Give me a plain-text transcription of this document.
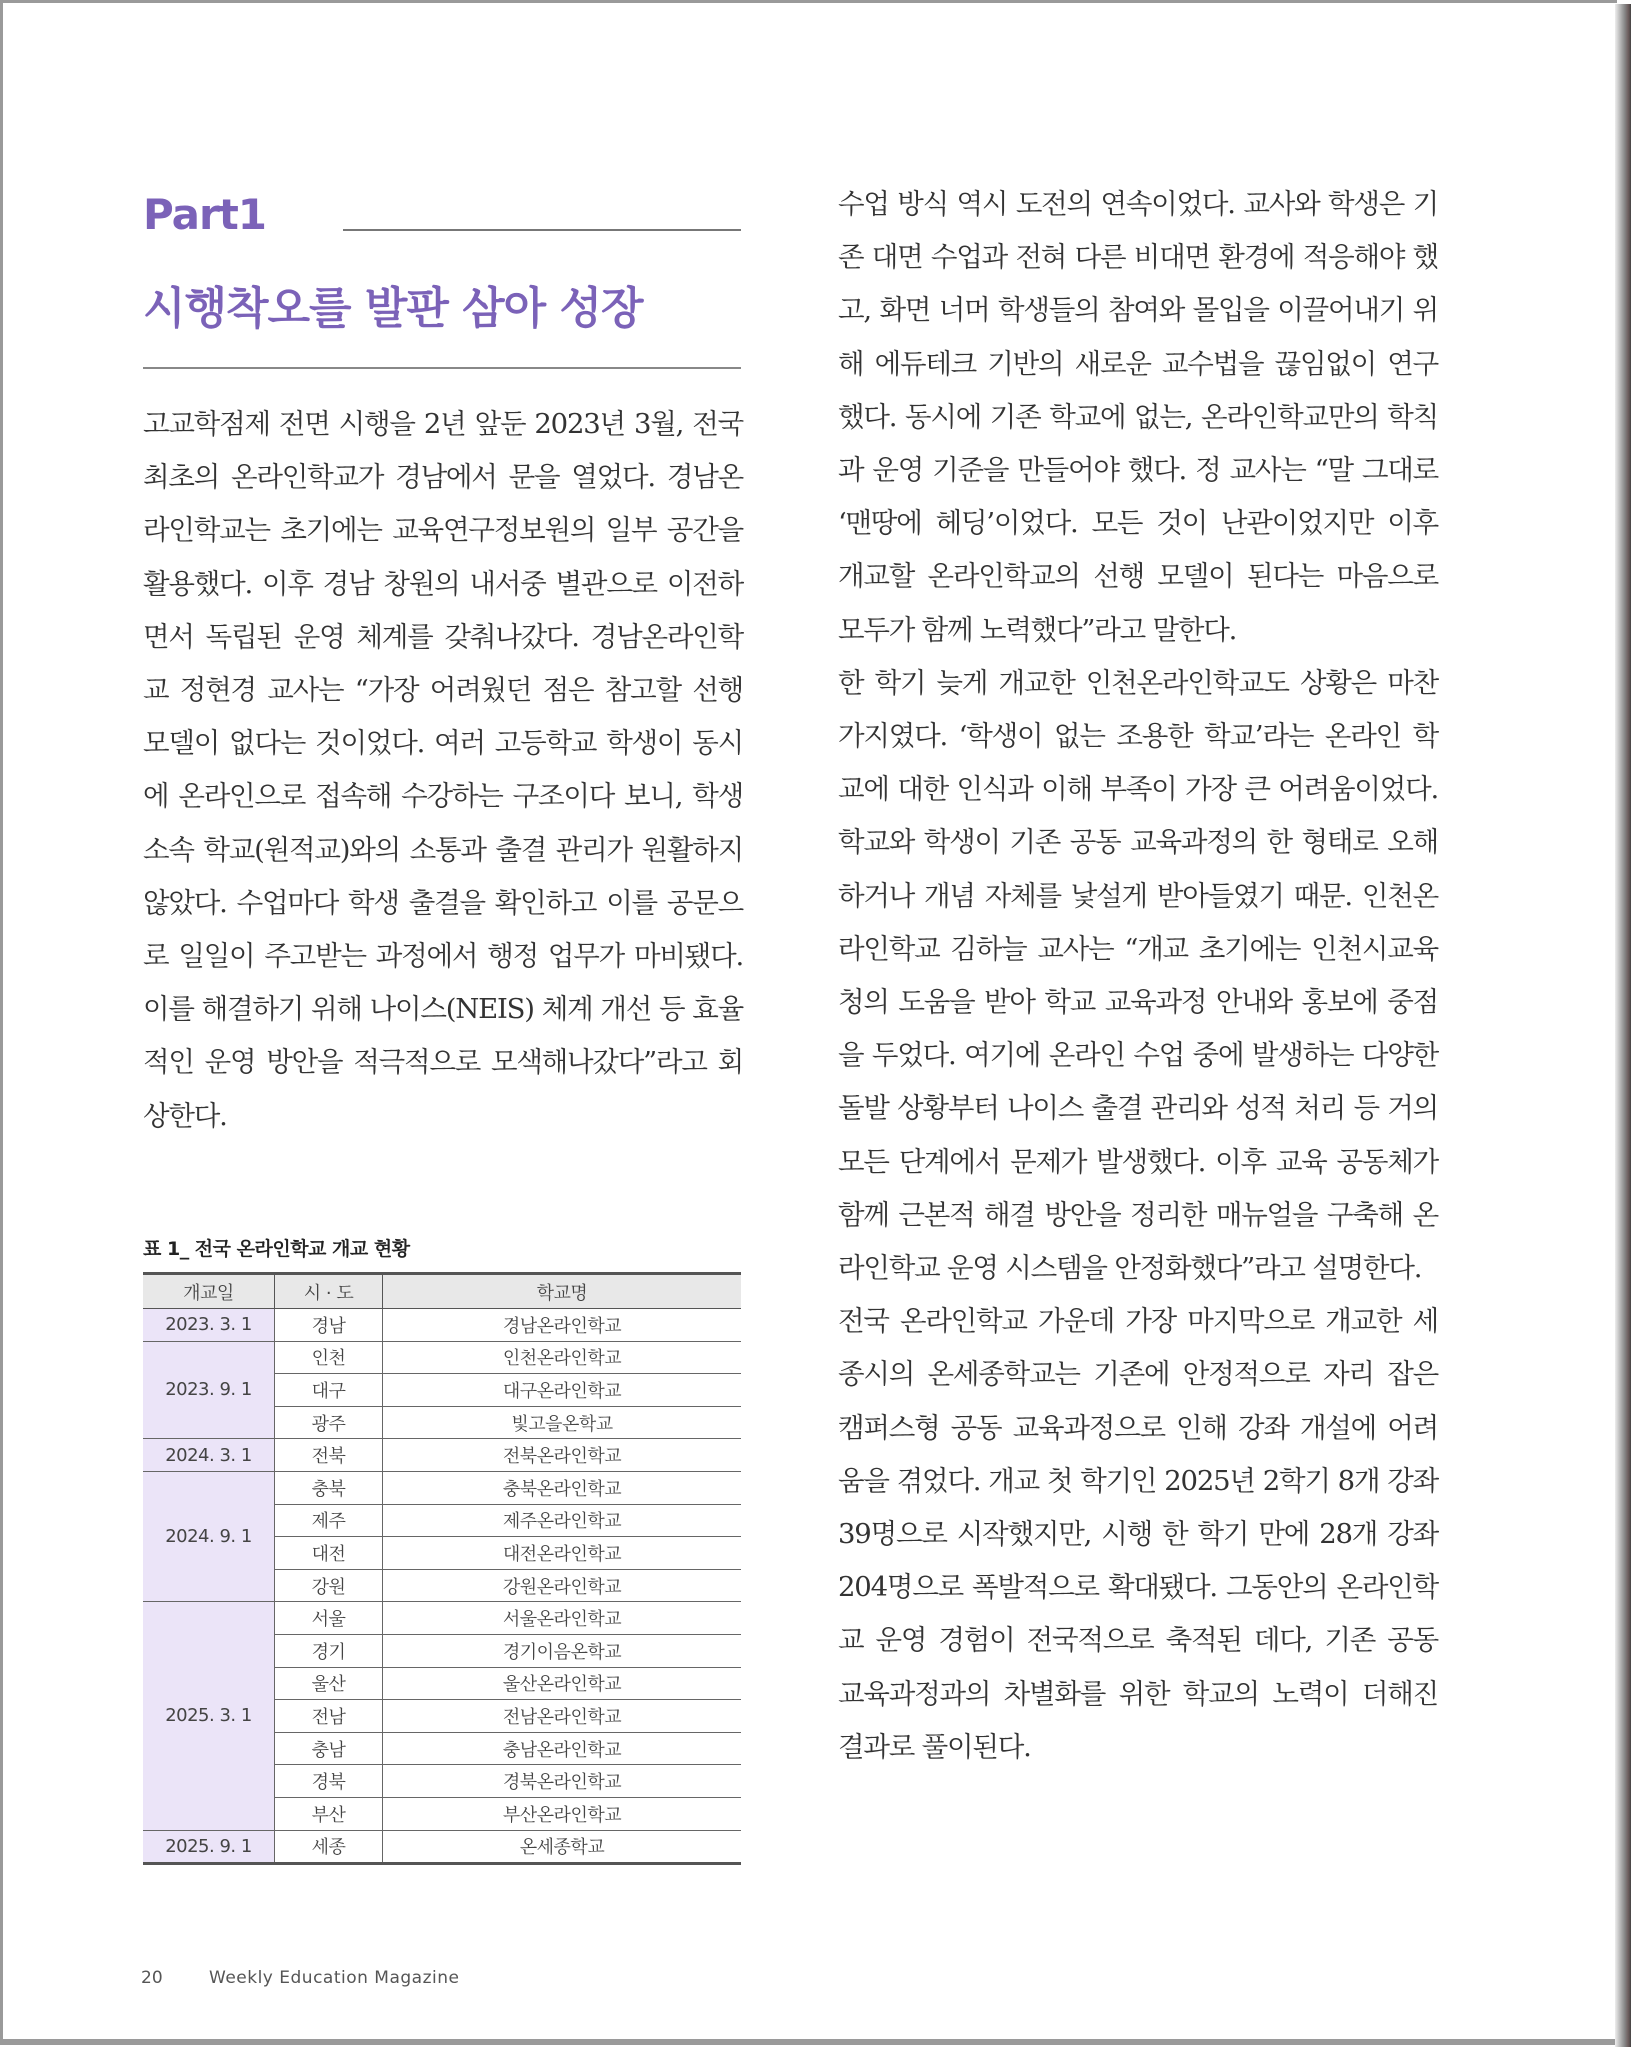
Part1
시행착오를 발판 삼아 성장

고교학점제 전면 시행을 2년 앞둔 2023년 3월, 전국 최초의 온라인학교가 경남에서 문을 열었다. 경남온라인학교는 초기에는 교육연구정보원의 일부 공간을 활용했다. 이후 경남 창원의 내서중 별관으로 이전하면서 독립된 운영 체계를 갖춰나갔다. 경남온라인학교 정현경 교사는 “가장 어려웠던 점은 참고할 선행 모델이 없다는 것이었다. 여러 고등학교 학생이 동시에 온라인으로 접속해 수강하는 구조이다 보니, 학생 소속 학교(원적교)와의 소통과 출결 관리가 원활하지 않았다. 수업마다 학생 출결을 확인하고 이를 공문으로 일일이 주고받는 과정에서 행정 업무가 마비됐다. 이를 해결하기 위해 나이스(NEIS) 체계 개선 등 효율적인 운영 방안을 적극적으로 모색해나갔다”라고 회상한다.

수업 방식 역시 도전의 연속이었다. 교사와 학생은 기존 대면 수업과 전혀 다른 비대면 환경에 적응해야 했고, 화면 너머 학생들의 참여와 몰입을 이끌어내기 위해 에듀테크 기반의 새로운 교수법을 끊임없이 연구했다. 동시에 기존 학교에 없는, 온라인학교만의 학칙과 운영 기준을 만들어야 했다. 정 교사는 “말 그대로 ‘맨땅에 헤딩’이었다. 모든 것이 난관이었지만 이후 개교할 온라인학교의 선행 모델이 된다는 마음으로 모두가 함께 노력했다”라고 말한다.

한 학기 늦게 개교한 인천온라인학교도 상황은 마찬가지였다. ‘학생이 없는 조용한 학교’라는 온라인 학교에 대한 인식과 이해 부족이 가장 큰 어려움이었다. 학교와 학생이 기존 공동 교육과정의 한 형태로 오해하거나 개념 자체를 낯설게 받아들였기 때문. 인천온라인학교 김하늘 교사는 “개교 초기에는 인천시교육청의 도움을 받아 학교 교육과정 안내와 홍보에 중점을 두었다. 여기에 온라인 수업 중에 발생하는 다양한 돌발 상황부터 나이스 출결 관리와 성적 처리 등 거의 모든 단계에서 문제가 발생했다. 이후 교육 공동체가 함께 근본적 해결 방안을 정리한 매뉴얼을 구축해 온라인학교 운영 시스템을 안정화했다”라고 설명한다.

전국 온라인학교 가운데 가장 마지막으로 개교한 세종시의 온세종학교는 기존에 안정적으로 자리 잡은 캠퍼스형 공동 교육과정으로 인해 강좌 개설에 어려움을 겪었다. 개교 첫 학기인 2025년 2학기 8개 강좌 39명으로 시작했지만, 시행 한 학기 만에 28개 강좌 204명으로 폭발적으로 확대됐다. 그동안의 온라인학교 운영 경험이 전국적으로 축적된 데다, 기존 공동 교육과정과의 차별화를 위한 학교의 노력이 더해진 결과로 풀이된다.

표 1_ 전국 온라인학교 개교 현황
개교일	시 · 도	학교명
2023. 3. 1	경남	경남온라인학교
2023. 9. 1	인천	인천온라인학교
	대구	대구온라인학교
	광주	빛고을온학교
2024. 3. 1	전북	전북온라인학교
2024. 9. 1	충북	충북온라인학교
	제주	제주온라인학교
	대전	대전온라인학교
	강원	강원온라인학교
2025. 3. 1	서울	서울온라인학교
	경기	경기이음온학교
	울산	울산온라인학교
	전남	전남온라인학교
	충남	충남온라인학교
	경북	경북온라인학교
	부산	부산온라인학교
2025. 9. 1	세종	온세종학교
20	Weekly Education Magazine
